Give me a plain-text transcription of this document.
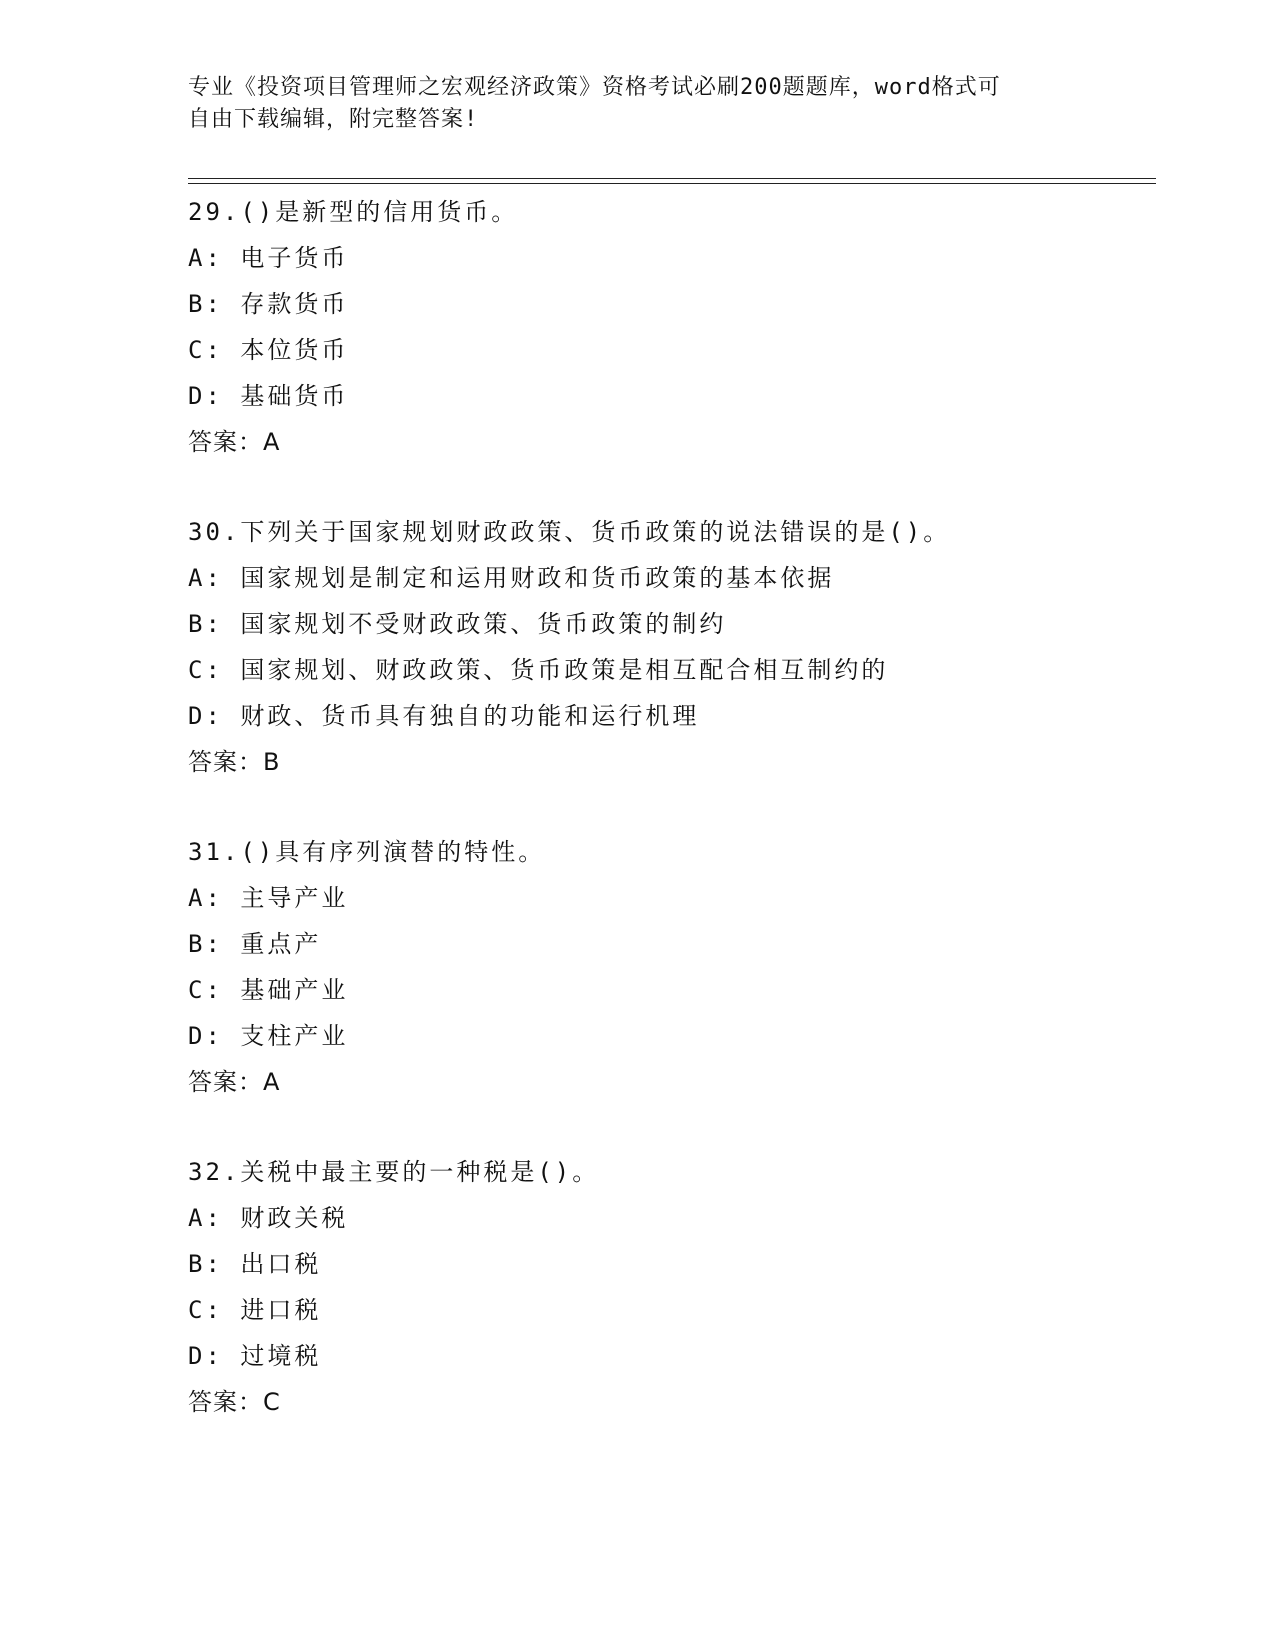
专业《投资项目管理师之宏观经济政策》资格考试必刷200题题库，word格式可
自由下载编辑，附完整答案!
29.()是新型的信用货币。
A: 电子货币
B: 存款货币
C: 本位货币
D: 基础货币
答案：A
30.下列关于国家规划财政政策、货币政策的说法错误的是()。
A: 国家规划是制定和运用财政和货币政策的基本依据
B: 国家规划不受财政政策、货币政策的制约
C: 国家规划、财政政策、货币政策是相互配合相互制约的
D: 财政、货币具有独自的功能和运行机理
答案：B
31.()具有序列演替的特性。
A: 主导产业
B: 重点产
C: 基础产业
D: 支柱产业
答案：A
32.关税中最主要的一种税是()。
A: 财政关税
B: 出口税
C: 进口税
D: 过境税
答案：C
